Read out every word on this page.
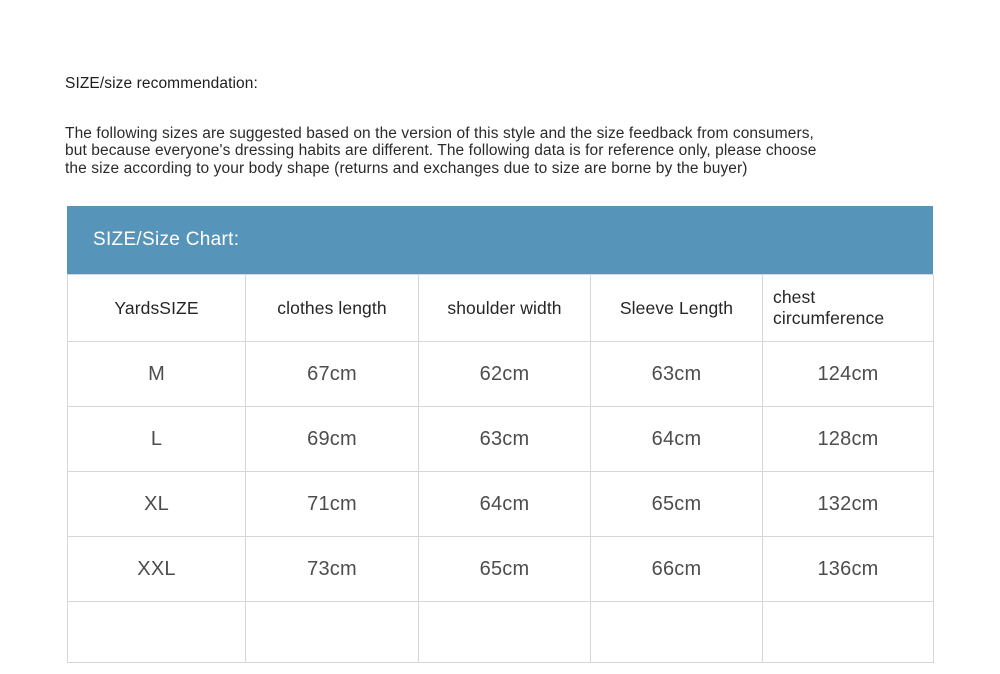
SIZE/size recommendation:
The following sizes are suggested based on the version of this style and the size feedback from consumers,
but because everyone's dressing habits are different. The following data is for reference only, please choose
the size according to your body shape (returns and exchanges due to size are borne by the buyer)
SIZE/Size Chart:
YardsSIZE	clothes length	shoulder width	Sleeve Length	chest circumference
M	67cm	62cm	63cm	124cm
L	69cm	63cm	64cm	128cm
XL	71cm	64cm	65cm	132cm
XXL	73cm	65cm	66cm	136cm
